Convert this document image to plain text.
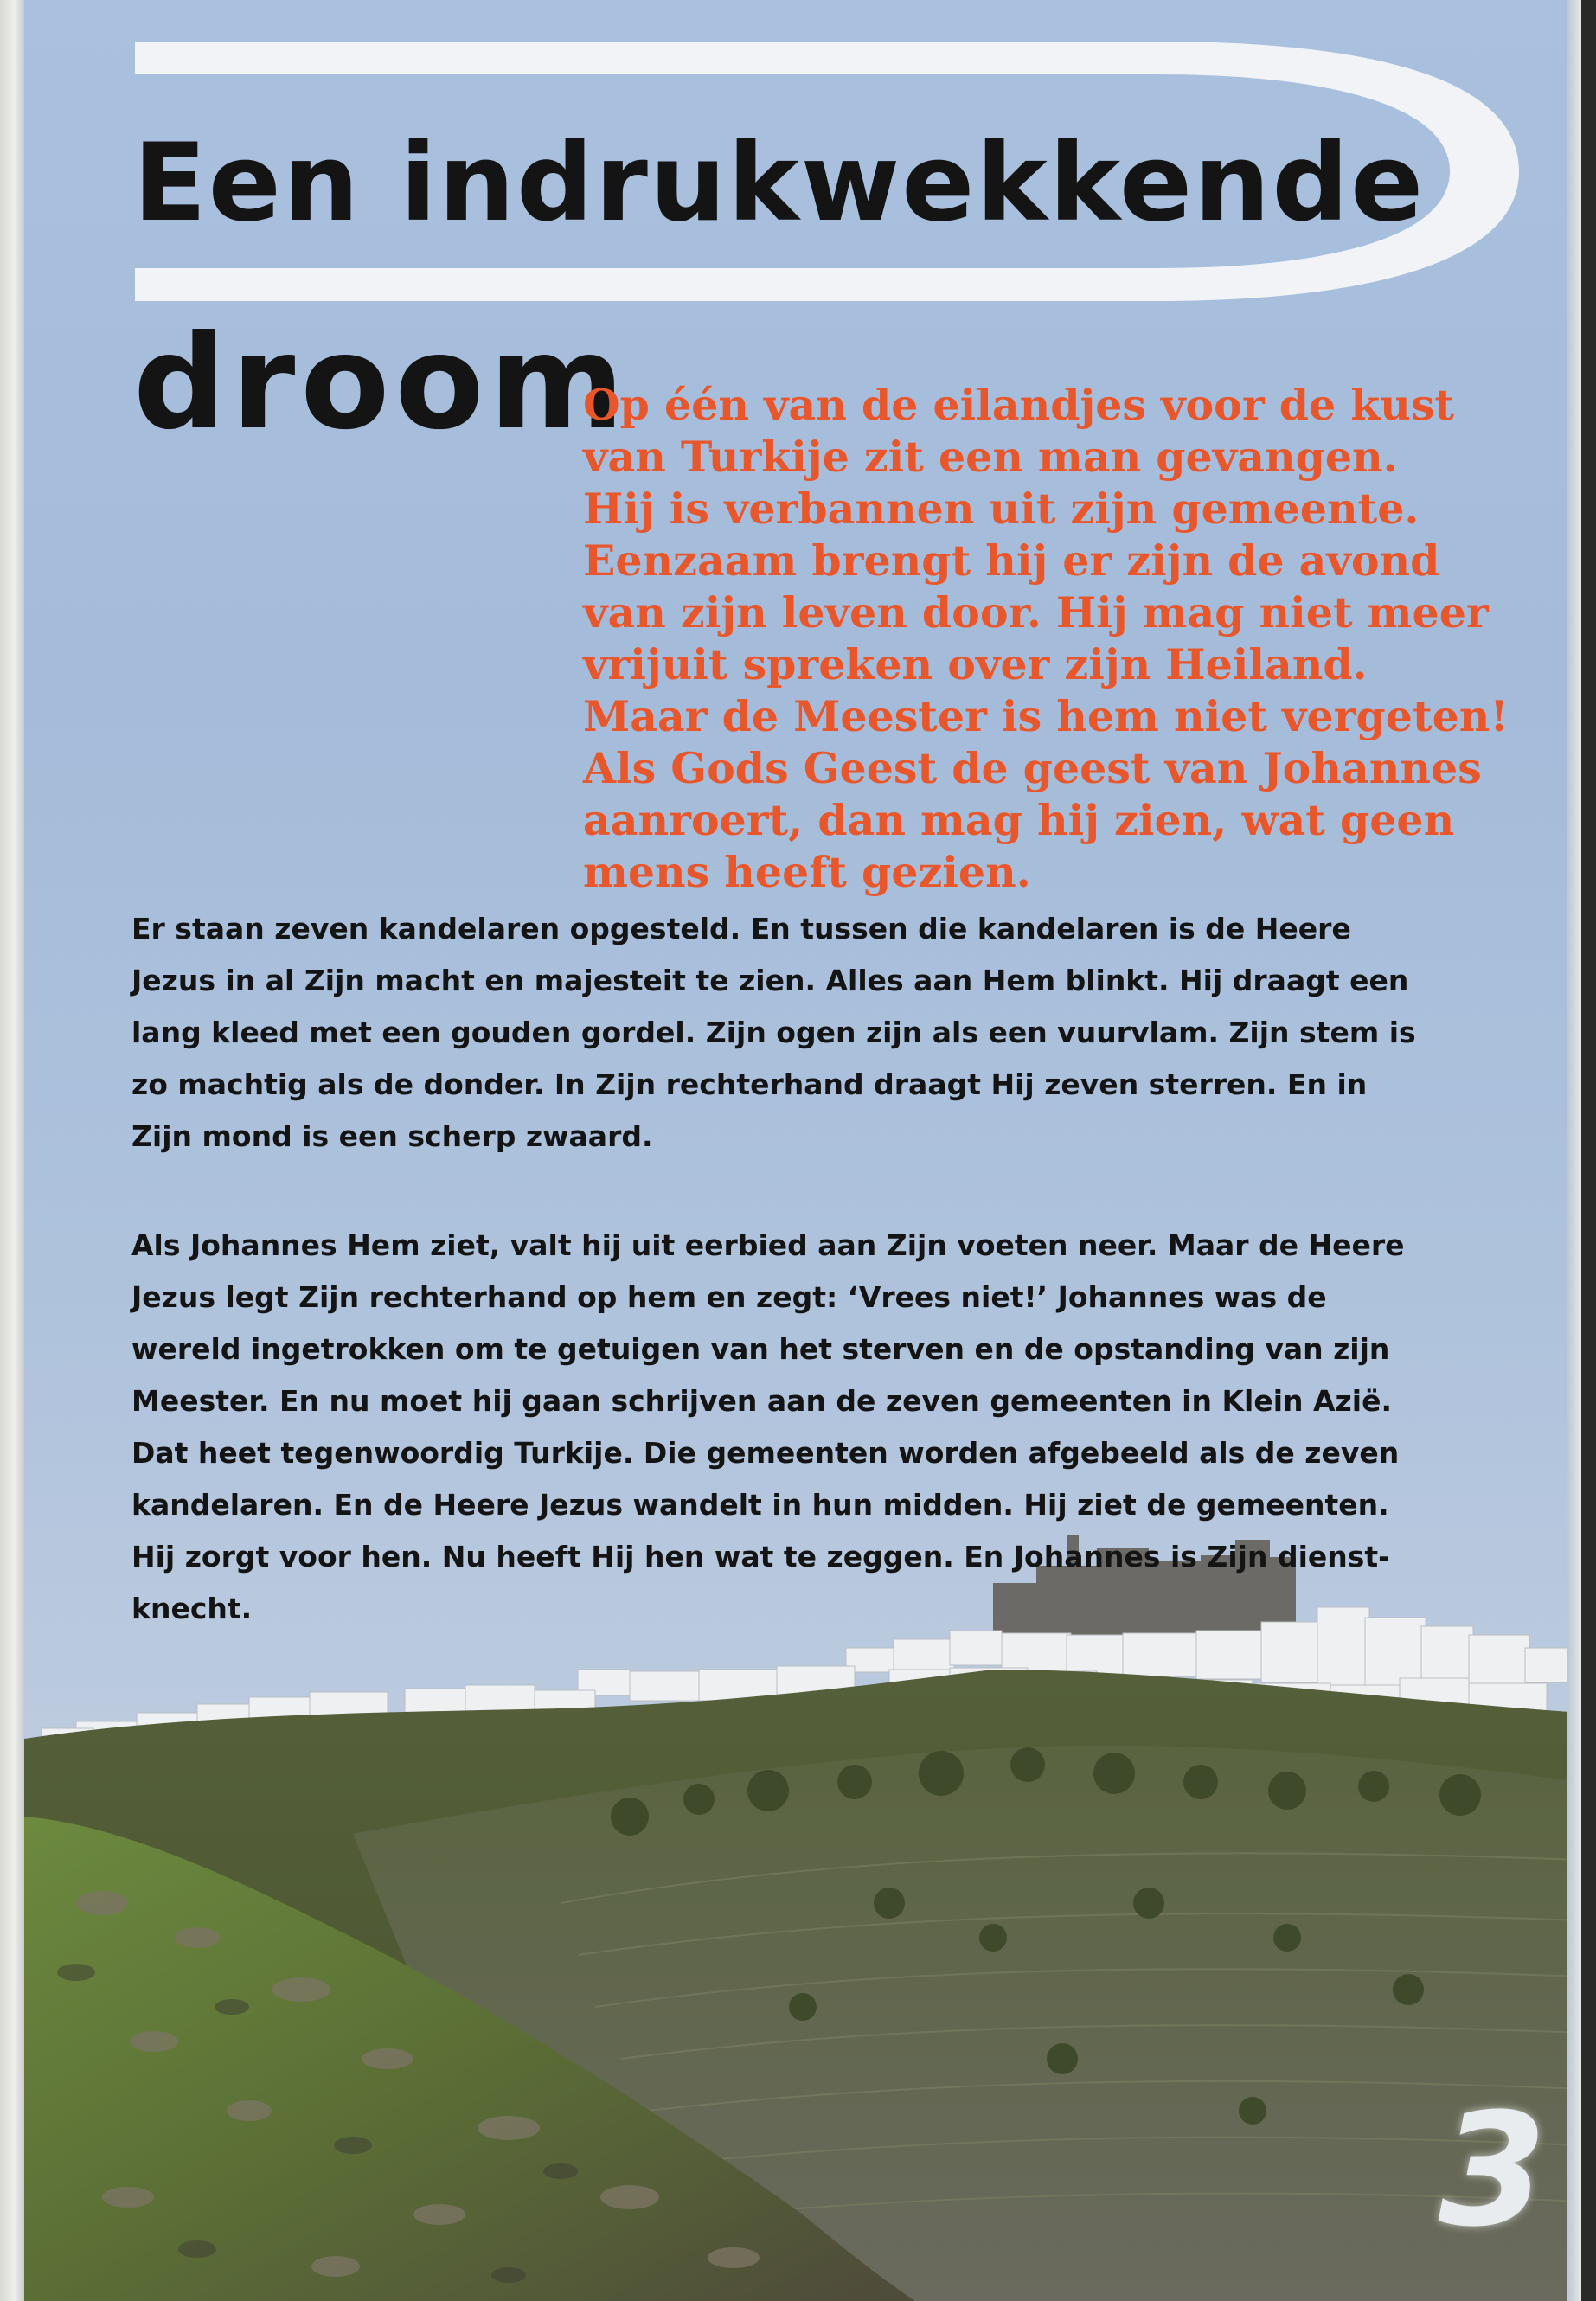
Een indrukwekkende
droom
Op één van de eilandjes voor de kust
van Turkije zit een man gevangen.
Hij is verbannen uit zijn gemeente.
Eenzaam brengt hij er zijn de avond
van zijn leven door. Hij mag niet meer
vrijuit spreken over zijn Heiland.
Maar de Meester is hem niet vergeten!
Als Gods Geest de geest van Johannes
aanroert, dan mag hij zien, wat geen
mens heeft gezien.
Er staan zeven kandelaren opgesteld. En tussen die kandelaren is de Heere
Jezus in al Zijn macht en majesteit te zien. Alles aan Hem blinkt. Hij draagt een
lang kleed met een gouden gordel. Zijn ogen zijn als een vuurvlam. Zijn stem is
zo machtig als de donder. In Zijn rechterhand draagt Hij zeven sterren. En in
Zijn mond is een scherp zwaard.
Als Johannes Hem ziet, valt hij uit eerbied aan Zijn voeten neer. Maar de Heere
Jezus legt Zijn rechterhand op hem en zegt: ‘Vrees niet!’ Johannes was de
wereld ingetrokken om te getuigen van het sterven en de opstanding van zijn
Meester. En nu moet hij gaan schrijven aan de zeven gemeenten in Klein Azië.
Dat heet tegenwoordig Turkije. Die gemeenten worden afgebeeld als de zeven
kandelaren. En de Heere Jezus wandelt in hun midden. Hij ziet de gemeenten.
Hij zorgt voor hen. Nu heeft Hij hen wat te zeggen. En Johannes is Zijn dienst-
knecht.
3
